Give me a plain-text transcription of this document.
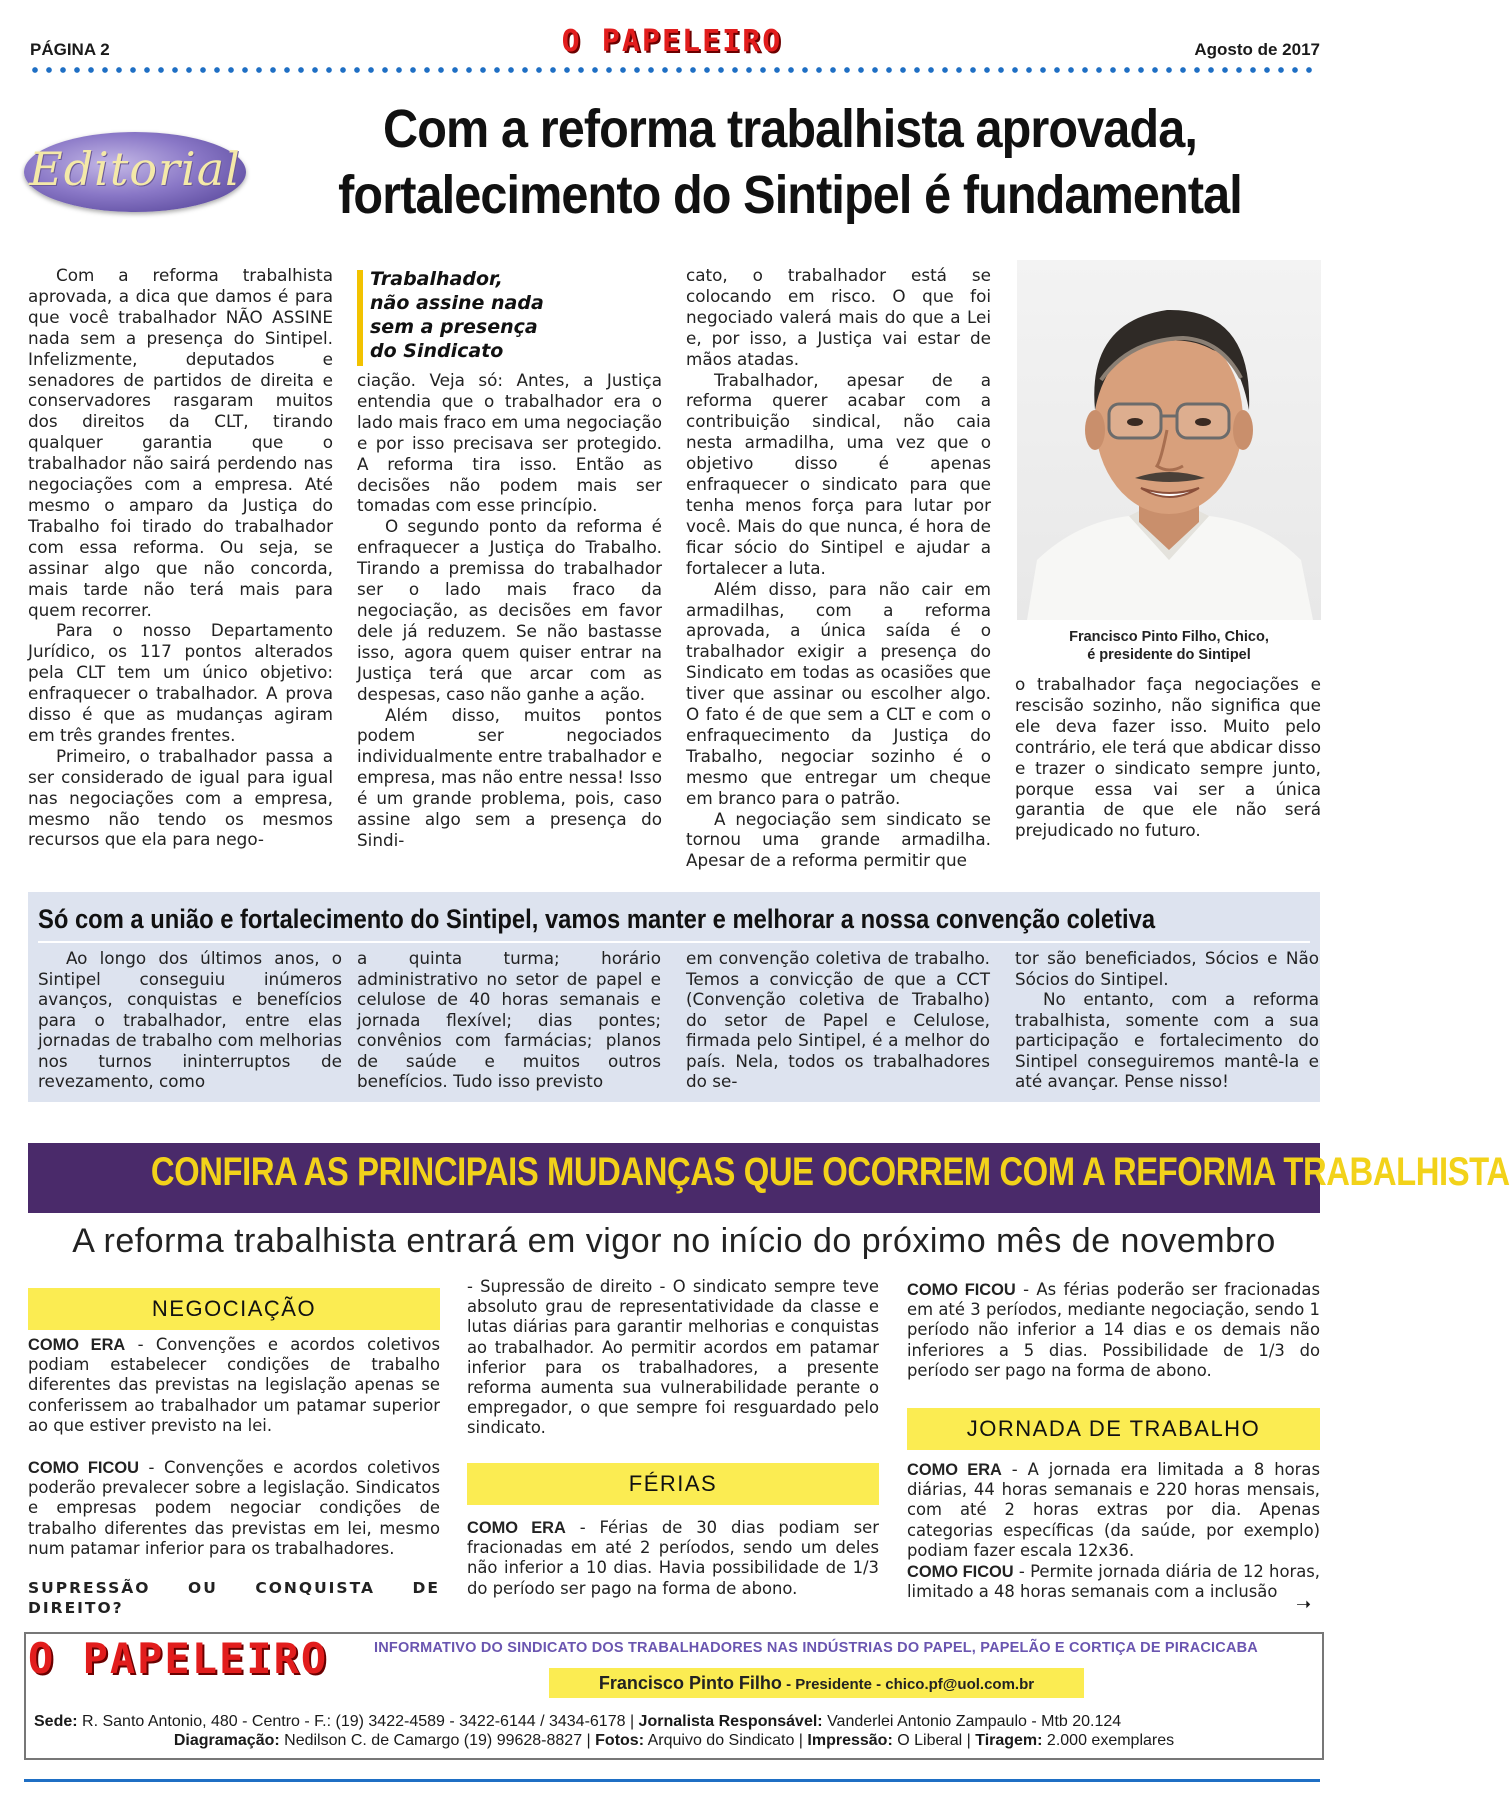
PÁGINA 2	O PAPELEIRO	Agosto de 2017
Editorial
Com a reforma trabalhista aprovada,
fortalecimento do Sintipel é fundamental

Com a reforma trabalhista aprovada, a dica que damos é para que você trabalhador NÃO ASSINE nada sem a presença do Sintipel. Infelizmente, deputados e senadores de partidos de direita e conservadores rasgaram muitos dos direitos da CLT, tirando qualquer garantia que o trabalhador não sairá perdendo nas negociações com a empresa. Até mesmo o amparo da Justiça do Trabalho foi tirado do trabalhador com essa reforma. Ou seja, se assinar algo que não concorda, mais tarde não terá mais para quem recorrer.

Para o nosso Departamento Jurídico, os 117 pontos alterados pela CLT tem um único objetivo: enfraquecer o trabalhador. A prova disso é que as mudanças agiram em três grandes frentes.

Primeiro, o trabalhador passa a ser considerado de igual para igual nas negociações com a empresa, mesmo não tendo os mesmos recursos que ela para nego-

Trabalhador,
não assine nada
sem a presença
do Sindicato

ciação. Veja só: Antes, a Justiça entendia que o trabalhador era o lado mais fraco em uma negociação e por isso precisava ser protegido. A reforma tira isso. Então as decisões não podem mais ser tomadas com esse princípio.

O segundo ponto da reforma é enfraquecer a Justiça do Trabalho. Tirando a premissa do trabalhador ser o lado mais fraco da negociação, as decisões em favor dele já reduzem. Se não bastasse isso, agora quem quiser entrar na Justiça terá que arcar com as despesas, caso não ganhe a ação.

Além disso, muitos pontos podem ser negociados individualmente entre trabalhador e empresa, mas não entre nessa! Isso é um grande problema, pois, caso assine algo sem a presença do Sindi-

cato, o trabalhador está se colocando em risco. O que foi negociado valerá mais do que a Lei e, por isso, a Justiça vai estar de mãos atadas.

Trabalhador, apesar de a reforma querer acabar com a contribuição sindical, não caia nesta armadilha, uma vez que o objetivo disso é apenas enfraquecer o sindicato para que tenha menos força para lutar por você. Mais do que nunca, é hora de ficar sócio do Sintipel e ajudar a fortalecer a luta.

Além disso, para não cair em armadilhas, com a reforma aprovada, a única saída é o trabalhador exigir a presença do Sindicato em todas as ocasiões que tiver que assinar ou escolher algo. O fato é de que sem a CLT e com o enfraquecimento da Justiça do Trabalho, negociar sozinho é o mesmo que entregar um cheque em branco para o patrão.

A negociação sem sindicato se tornou uma grande armadilha. Apesar de a reforma permitir que

Francisco Pinto Filho, Chico,
é presidente do Sintipel

o trabalhador faça negociações e rescisão sozinho, não significa que ele deva fazer isso. Muito pelo contrário, ele terá que abdicar disso e trazer o sindicato sempre junto, porque essa vai ser a única garantia de que ele não será prejudicado no futuro.

Só com a união e fortalecimento do Sintipel, vamos manter e melhorar a nossa convenção coletiva

Ao longo dos últimos anos, o Sintipel conseguiu inúmeros avanços, conquistas e benefícios para o trabalhador, entre elas jornadas de trabalho com melhorias nos turnos ininterruptos de revezamento, como

a quinta turma; horário administrativo no setor de papel e celulose de 40 horas semanais e jornada flexível; dias pontes; convênios com farmácias; planos de saúde e muitos outros benefícios. Tudo isso previsto

em convenção coletiva de trabalho. Temos a convicção de que a CCT (Convenção coletiva de Trabalho) do setor de Papel e Celulose, firmada pelo Sintipel, é a melhor do país. Nela, todos os trabalhadores do se-

tor são beneficiados, Sócios e Não Sócios do Sintipel.

No entanto, com a reforma trabalhista, somente com a sua participação e fortalecimento do Sintipel conseguiremos mantê-la e até avançar. Pense nisso!

CONFIRA AS PRINCIPAIS MUDANÇAS QUE OCORREM COM A REFORMA TRABALHISTA
A reforma trabalhista entrará em vigor no início do próximo mês de novembro
NEGOCIAÇÃO

COMO ERA - Convenções e acordos coletivos podiam estabelecer condições de trabalho diferentes das previstas na legislação apenas se conferissem ao trabalhador um patamar superior ao que estiver previsto na lei.

COMO FICOU - Convenções e acordos coletivos poderão prevalecer sobre a legislação. Sindicatos e empresas podem negociar condições de trabalho diferentes das previstas em lei, mesmo num patamar inferior para os trabalhadores.

SUPRESSÃO OU CONQUISTA DE DIREITO?

- Supressão de direito - O sindicato sempre teve absoluto grau de representatividade da classe e lutas diárias para garantir melhorias e conquistas ao trabalhador. Ao permitir acordos em patamar inferior para os trabalhadores, a presente reforma aumenta sua vulnerabilidade perante o empregador, o que sempre foi resguardado pelo sindicato.

FÉRIAS

COMO ERA - Férias de 30 dias podiam ser fracionadas em até 2 períodos, sendo um deles não inferior a 10 dias. Havia possibilidade de 1/3 do período ser pago na forma de abono.

COMO FICOU - As férias poderão ser fracionadas em até 3 períodos, mediante negociação, sendo 1 período não inferior a 14 dias e os demais não inferiores a 5 dias. Possibilidade de 1/3 do período ser pago na forma de abono.

JORNADA DE TRABALHO

COMO ERA - A jornada era limitada a 8 horas diárias, 44 horas semanais e 220 horas mensais, com até 2 horas extras por dia. Apenas categorias específicas (da saúde, por exemplo) podiam fazer escala 12x36.

COMO FICOU - Permite jornada diária de 12 horas, limitado a 48 horas semanais com a inclusão

➝
O PAPELEIRO	INFORMATIVO DO SINDICATO DOS TRABALHADORES NAS INDÚSTRIAS DO PAPEL, PAPELÃO E CORTIÇA DE PIRACICABA
Francisco Pinto Filho - Presidente - chico.pf@uol.com.br
Sede: R. Santo Antonio, 480 - Centro - F.: (19) 3422-4589 - 3422-6144 / 3434-6178 | Jornalista Responsável: Vanderlei Antonio Zampaulo - Mtb 20.124
Diagramação: Nedilson C. de Camargo (19) 99628-8827 | Fotos: Arquivo do Sindicato | Impressão: O Liberal | Tiragem: 2.000 exemplares
